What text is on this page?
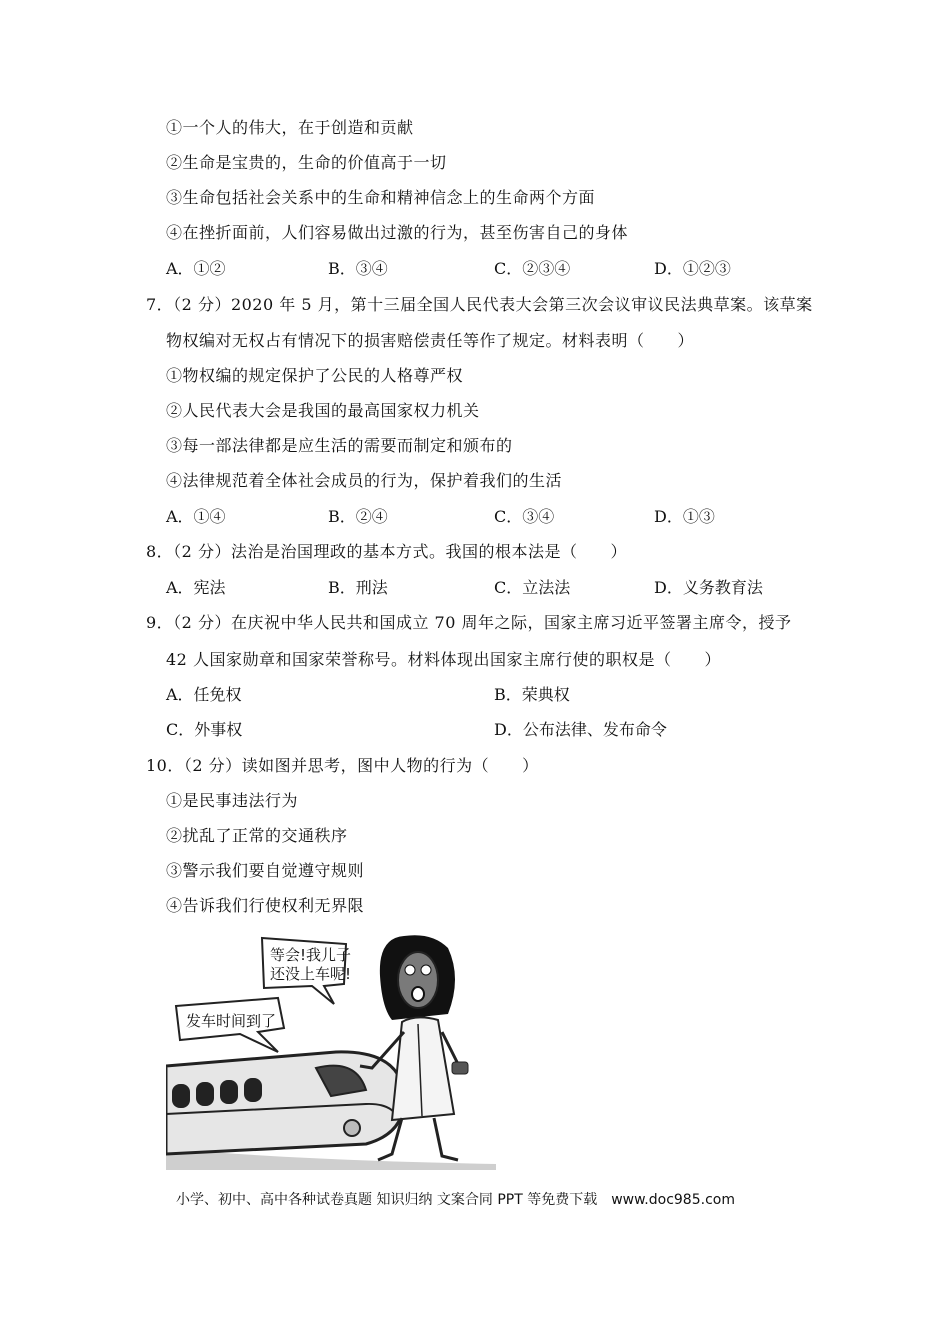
①一个人的伟大，在于创造和贡献
②生命是宝贵的，生命的价值高于一切
③生命包括社会关系中的生命和精神信念上的生命两个方面
④在挫折面前，人们容易做出过激的行为，甚至伤害自己的身体
A．①②	B．③④	C．②③④	D．①②③
7．（2 分）2020 年 5 月，第十三届全国人民代表大会第三次会议审议民法典草案。该草案
物权编对无权占有情况下的损害赔偿责任等作了规定。材料表明（　　）
①物权编的规定保护了公民的人格尊严权
②人民代表大会是我国的最高国家权力机关
③每一部法律都是应生活的需要而制定和颁布的
④法律规范着全体社会成员的行为，保护着我们的生活
A．①④	B．②④	C．③④	D．①③
8．（2 分）法治是治国理政的基本方式。我国的根本法是（　　）
A．宪法	B．刑法	C．立法法	D．义务教育法
9．（2 分）在庆祝中华人民共和国成立 70 周年之际，国家主席习近平签署主席令，授予
42 人国家勋章和国家荣誉称号。材料体现出国家主席行使的职权是（　　）
A．任免权	B．荣典权
C．外事权	D．公布法律、发布命令
10．（2 分）读如图并思考，图中人物的行为（　　）
①是民事违法行为
②扰乱了正常的交通秩序
③警示我们要自觉遵守规则
④告诉我们行使权利无界限
等会!我儿子
还没上车呢!
发车时间到了
小学、初中、高中各种试卷真题 知识归纳 文案合同 PPT 等免费下载　www.doc985.com
